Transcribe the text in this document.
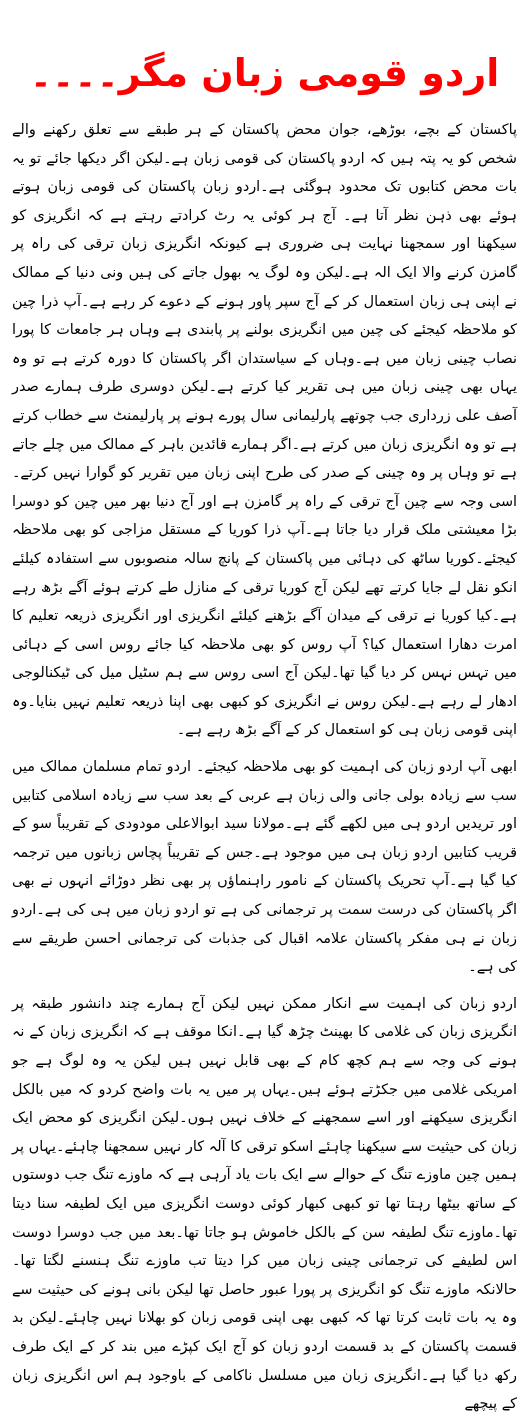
اردو قومی زبان مگر۔۔۔۔

پاکستان کے بچے، بوڑھے، جوان محض پاکستان کے ہر طبقے سے تعلق رکھنے والے شخص کو یہ پتہ ہیں کہ اردو پاکستان کی قومی زبان ہے۔لیکن اگر دیکھا جائے تو یہ بات محض کتابوں تک محدود ہوگئی ہے۔اردو زبان پاکستان کی قومی زبان ہوتے ہوئے بھی ذہن نظر آتا ہے۔ آج ہر کوئی یہ رٹ کرادتے رہتے ہے کہ انگریزی کو سیکھنا اور سمجھنا نہایت ہی ضروری ہے کیونکہ انگریزی زبان ترقی کی راہ پر گامزن کرنے والا ایک الہ ہے۔لیکن وہ لوگ یہ بھول جاتے کی ہیں ونی دنیا کے ممالک نے اپنی ہی زبان استعمال کر کے آج سپر پاور ہونے کے دعوے کر رہے ہے۔آپ ذرا چین کو ملاحظہ کیجئے کی چین میں انگریزی بولنے پر پابندی ہے وہاں ہر جامعات کا پورا نصاب چینی زبان میں ہے۔وہاں کے سیاستدان اگر پاکستان کا دورہ کرتے ہے تو وہ یہاں بھی چینی زبان میں ہی تقریر کیا کرتے ہے۔لیکن دوسری طرف ہمارے صدر آصف علی زرداری جب چوتھے پارلیمانی سال پورے ہونے پر پارلیمنٹ سے خطاب کرتے ہے تو وہ انگریزی زبان میں کرتے ہے۔اگر ہمارے قائدین باہر کے ممالک میں چلے جاتے ہے تو وہاں پر وہ چینی کے صدر کی طرح اپنی زبان میں تقریر کو گوارا نہیں کرتے۔اسی وجہ سے چین آج ترقی کے راہ پر گامزن ہے اور آج دنیا بھر میں چین کو دوسرا بڑا معیشتی ملک قرار دیا جاتا ہے۔آپ ذرا کوریا کے مستقل مزاجی کو بھی ملاحظہ کیجئے۔کوریا ساٹھ کی دہائی میں پاکستان کے پانچ سالہ منصوبوں سے استفادہ کیلئے انکو نقل لے جایا کرتے تھے لیکن آج کوریا ترقی کے منازل طے کرتے ہوئے آگے بڑھ رہے ہے۔کیا کوریا نے ترقی کے میدان آگے بڑھنے کیلئے انگریزی اور انگریزی ذریعہ تعلیم کا امرت دھارا استعمال کیا؟ آپ روس کو بھی ملاحظہ کیا جائے روس اسی کے دہائی میں تہس نہس کر دیا گیا تھا۔لیکن آج اسی روس سے ہم سٹیل میل کی ٹیکنالوجی ادھار لے رہے ہے۔لیکن روس نے انگریزی کو کبھی بھی اپنا ذریعہ تعلیم نہیں بنایا۔وہ اپنی قومی زبان ہی کو استعمال کر کے آگے بڑھ رہے ہے۔

ابھی آپ اردو زبان کی اہمیت کو بھی ملاحظہ کیجئے۔ اردو تمام مسلمان ممالک میں سب سے زیادہ بولی جانی والی زبان ہے عربی کے بعد سب سے زیادہ اسلامی کتابیں اور تریدیں اردو ہی میں لکھے گئے ہے۔مولانا سید ابوالاعلی مودودی کے تقریباً سو کے قریب کتابیں اردو زبان ہی میں موجود ہے۔جس کے تقریباً پچاس زبانوں میں ترجمہ کیا گیا ہے۔آپ تحریک پاکستان کے نامور راہنماؤں پر بھی نظر دوڑائے انہوں نے بھی اگر پاکستان کی درست سمت پر ترجمانی کی ہے تو اردو زبان میں ہی کی ہے۔اردو زبان نے ہی مفکر پاکستان علامہ اقبال کی جذبات کی ترجمانی احسن طریقے سے کی ہے۔

اردو زبان کی اہمیت سے انکار ممکن نہیں لیکن آج ہمارے چند دانشور طبقہ پر انگریزی زبان کی غلامی کا بھینٹ چڑھ گیا ہے۔انکا موقف ہے کہ انگریزی زبان کے نہ ہونے کی وجہ سے ہم کچھ کام کے بھی قابل نہیں ہیں لیکن یہ وہ لوگ ہے جو امریکی غلامی میں جکڑتے ہوئے ہیں۔یہاں پر میں یہ بات واضح کردو کہ میں بالکل انگریزی سیکھنے اور اسے سمجھنے کے خلاف نہیں ہوں۔لیکن انگریزی کو محض ایک زبان کی حیثیت سے سیکھنا چاہئے اسکو ترقی کا آلہ کار نہیں سمجھنا چاہئے۔یہاں پر ہمیں چین ماوزے تنگ کے حوالے سے ایک بات یاد آرہی ہے کہ ماوزے تنگ جب دوستوں کے ساتھ بیٹھا رہتا تھا تو کبھی کبھار کوئی دوست انگریزی میں ایک لطیفہ سنا دیتا تھا۔ماوزے تنگ لطیفہ سن کے بالکل خاموش ہو جاتا تھا۔بعد میں جب دوسرا دوست اس لطیفے کی ترجمانی چینی زبان میں کرا دیتا تب ماوزے تنگ ہنسنے لگتا تھا۔حالانکہ ماوزے تنگ کو انگریزی پر پورا عبور حاصل تھا لیکن بانی ہونے کی حیثیت سے وہ یہ بات ثابت کرتا تھا کہ کبھی بھی اپنی قومی زبان کو بھلانا نہیں چاہئے۔لیکن بد قسمت پاکستان کے بد قسمت اردو زبان کو آج ایک کپڑے میں بند کر کے ایک طرف رکھ دیا گیا ہے۔انگریزی زبان میں مسلسل ناکامی کے باوجود ہم اس انگریزی زبان کے پیچھے
